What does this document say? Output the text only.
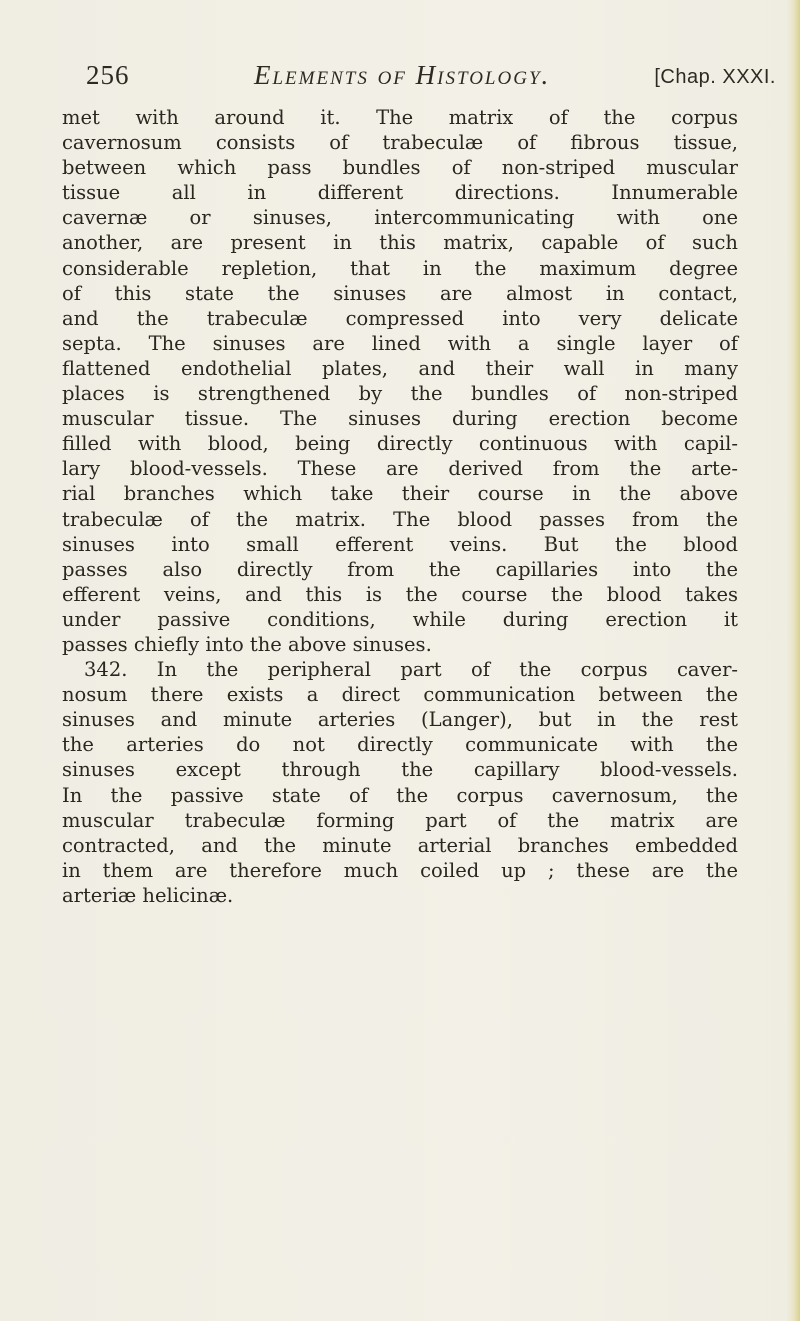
256	Elements of Histology.	[Chap. XXXI.
met with around it. The matrix of the corpus
cavernosum consists of trabeculæ of fibrous tissue,
between which pass bundles of non-striped muscular
tissue all in different directions. Innumerable
cavernæ or sinuses, intercommunicating with one
another, are present in this matrix, capable of such
considerable repletion, that in the maximum degree
of this state the sinuses are almost in contact,
and the trabeculæ compressed into very delicate
septa. The sinuses are lined with a single layer of
flattened endothelial plates, and their wall in many
places is strengthened by the bundles of non-striped
muscular tissue. The sinuses during erection become
filled with blood, being directly continuous with capil-
lary blood-vessels. These are derived from the arte-
rial branches which take their course in the above
trabeculæ of the matrix. The blood passes from the
sinuses into small efferent veins. But the blood
passes also directly from the capillaries into the
efferent veins, and this is the course the blood takes
under passive conditions, while during erection it
passes chiefly into the above sinuses.
342. In the peripheral part of the corpus caver-
nosum there exists a direct communication between the
sinuses and minute arteries (Langer), but in the rest
the arteries do not directly communicate with the
sinuses except through the capillary blood-vessels.
In the passive state of the corpus cavernosum, the
muscular trabeculæ forming part of the matrix are
contracted, and the minute arterial branches embedded
in them are therefore much coiled up ; these are the
arteriæ helicinæ.
